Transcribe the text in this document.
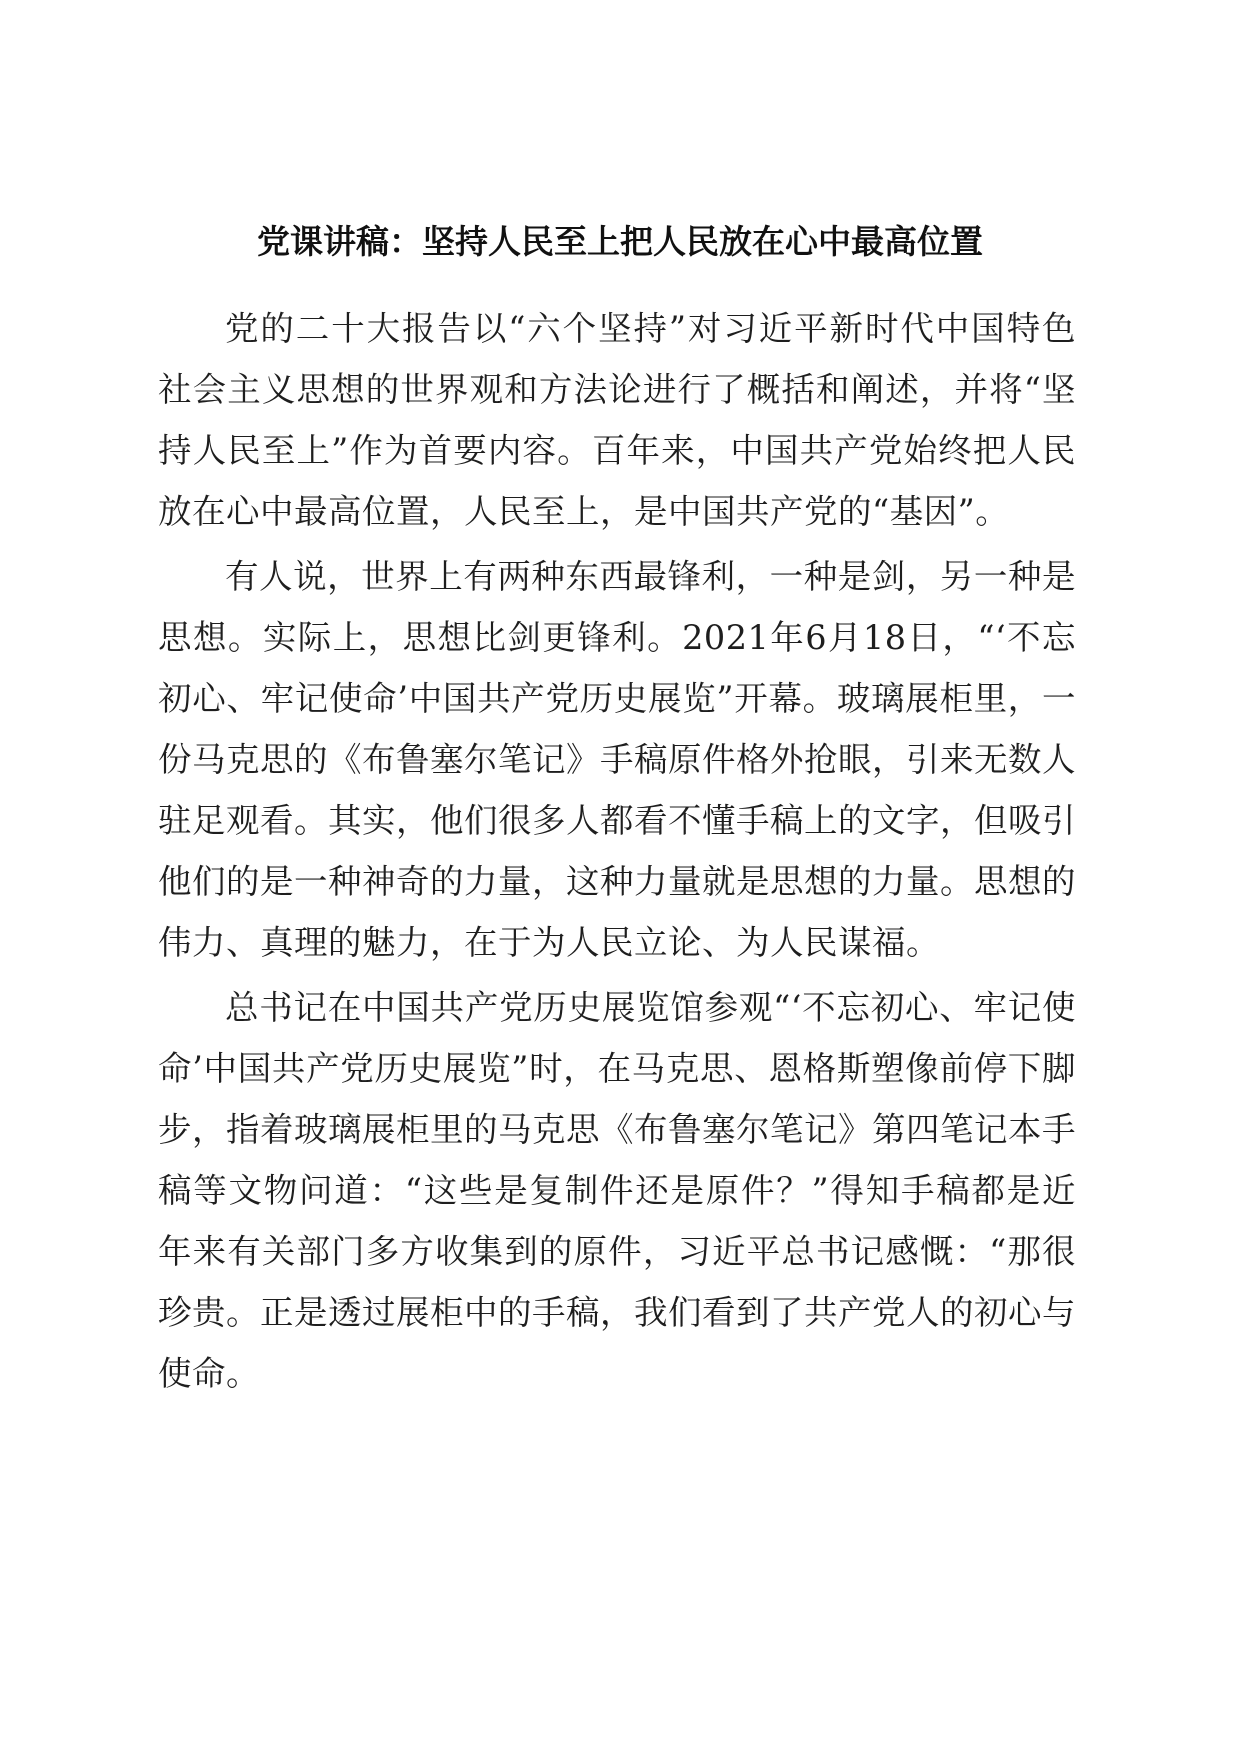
党课讲稿：坚持人民至上把人民放在心中最高位置

党的二十大报告以“六个坚持”对习近平新时代中国特色社会主义思想的世界观和方法论进行了概括和阐述，并将“坚持人民至上”作为首要内容。百年来，中国共产党始终把人民放在心中最高位置，人民至上，是中国共产党的“基因”。

有人说，世界上有两种东西最锋利，一种是剑，另一种是思想。实际上，思想比剑更锋利。2021年6月18日，“‘不忘初心、牢记使命’中国共产党历史展览”开幕。玻璃展柜里，一份马克思的《布鲁塞尔笔记》手稿原件格外抢眼，引来无数人驻足观看。其实，他们很多人都看不懂手稿上的文字，但吸引他们的是一种神奇的力量，这种力量就是思想的力量。思想的伟力、真理的魅力，在于为人民立论、为人民谋福。

总书记在中国共产党历史展览馆参观“‘不忘初心、牢记使命’中国共产党历史展览”时，在马克思、恩格斯塑像前停下脚步，指着玻璃展柜里的马克思《布鲁塞尔笔记》第四笔记本手稿等文物问道：“这些是复制件还是原件？”得知手稿都是近年来有关部门多方收集到的原件，习近平总书记感慨：“那很珍贵。正是透过展柜中的手稿，我们看到了共产党人的初心与使命。
